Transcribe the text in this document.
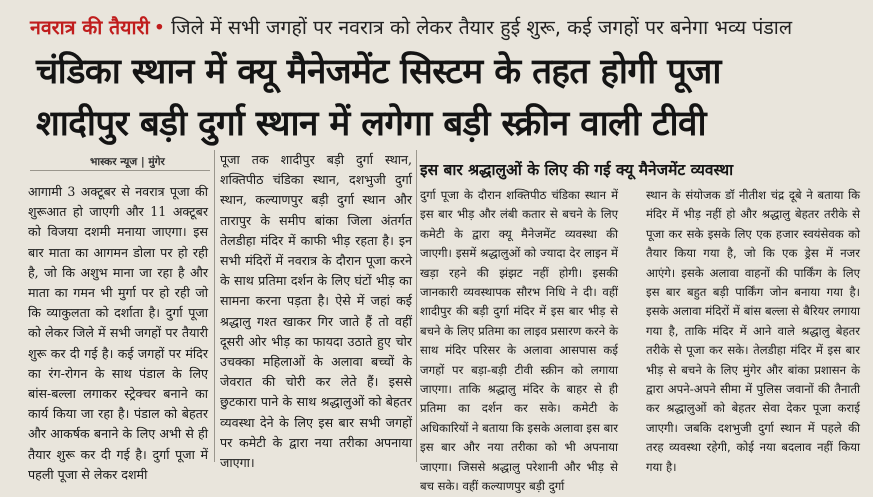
नवरात्र की तैयारी • जिले में सभी जगहों पर नवरात्र को लेकर तैयार हुई शुरू, कई जगहों पर बनेगा भव्य पंडाल
चंडिका स्थान में क्यू मैनेजमेंट सिस्टम के तहत होगी पूजा
शादीपुर बड़ी दुर्गा स्थान में लगेगा बड़ी स्क्रीन वाली टीवी
भास्कर न्यूज | मुंगेर

आगामी 3 अक्टूबर से नवरात्र पूजा की शुरूआत हो जाएगी और 11 अक्टूबर को विजया दशमी मनाया जाएगा। इस बार माता का आगमन डोला पर हो रही है, जो कि अशुभ माना जा रहा है और माता का गमन भी मुर्गा पर हो रही जो कि व्याकुलता को दर्शाता है। दुर्गा पूजा को लेकर जिले में सभी जगहों पर तैयारी शुरू कर दी गई है। कई जगहों पर मंदिर का रंग-रोगन के साथ पंडाल के लिए बांस-बल्ला लगाकर स्ट्रेक्चर बनाने का कार्य किया जा रहा है। पंडाल को बेहतर और आकर्षक बनाने के लिए अभी से ही तैयार शुरू कर दी गई है। दुर्गा पूजा में पहली पूजा से लेकर दशमी

पूजा तक शादीपुर बड़ी दुर्गा स्थान, शक्तिपीठ चंडिका स्थान, दशभुजी दुर्गा स्थान, कल्याणपुर बड़ी दुर्गा स्थान और तारापुर के समीप बांका जिला अंतर्गत तेलडीहा मंदिर में काफी भीड़ रहता है। इन सभी मंदिरों में नवरात्र के दौरान पूजा करने के साथ प्रतिमा दर्शन के लिए घंटों भीड़ का सामना करना पड़ता है। ऐसे में जहां कई श्रद्धालु गश्त खाकर गिर जाते हैं तो वहीं दूसरी ओर भीड़ का फायदा उठाते हुए चोर उचक्का महिलाओं के अलावा बच्चों के जेवरात की चोरी कर लेते हैं। इससे छुटकारा पाने के साथ श्रद्धालुओं को बेहतर व्यवस्था देने के लिए इस बार सभी जगहों पर कमेटी के द्वारा नया तरीका अपनाया जाएगा।

इस बार श्रद्धालुओं के लिए की गई क्यू मैनेजमेंट व्यवस्था

दुर्गा पूजा के दौरान शक्तिपीठ चंडिका स्थान में इस बार भीड़ और लंबी कतार से बचने के लिए कमेटी के द्वारा क्यू मैनेजमेंट व्यवस्था की जाएगी। इसमें श्रद्धालुओं को ज्यादा देर लाइन में खड़ा रहने की झंझट नहीं होगी। इसकी जानकारी व्यवस्थापक सौरभ निधि ने दी। वहीं शादीपुर की बड़ी दुर्गा मंदिर में इस बार भीड़ से बचने के लिए प्रतिमा का लाइव प्रसारण करने के साथ मंदिर परिसर के अलावा आसपास कई जगहों पर बड़ा-बड़ी टीवी स्क्रीन को लगाया जाएगा। ताकि श्रद्धालु मंदिर के बाहर से ही प्रतिमा का दर्शन कर सके। कमेटी के अधिकारियों ने बताया कि इसके अलावा इस बार इस बार और नया तरीका को भी अपनाया जाएगा। जिससे श्रद्धालु परेशानी और भीड़ से बच सके। वहीं कल्याणपुर बड़ी दुर्गा

स्थान के संयोजक डॉ नीतीश चंद्र दूबे ने बताया कि मंदिर में भीड़ नहीं हो और श्रद्धालु बेहतर तरीके से पूजा कर सके इसके लिए एक हजार स्वयंसेवक को तैयार किया गया है, जो कि एक ड्रेस में नजर आएंगे। इसके अलावा वाहनों की पार्किंग के लिए इस बार बहुत बड़ी पार्किंग जोन बनाया गया है। इसके अलावा मंदिरों में बांस बल्ला से बैरियर लगाया गया है, ताकि मंदिर में आने वाले श्रद्धालु बेहतर तरीके से पूजा कर सके। तेलडीहा मंदिर में इस बार भीड़ से बचने के लिए मुंगेर और बांका प्रशासन के द्वारा अपने-अपने सीमा में पुलिस जवानों की तैनाती कर श्रद्धालुओं को बेहतर सेवा देकर पूजा कराई जाएगी। जबकि दशभुजी दुर्गा स्थान में पहले की तरह व्यवस्था रहेगी, कोई नया बदलाव नहीं किया गया है।
